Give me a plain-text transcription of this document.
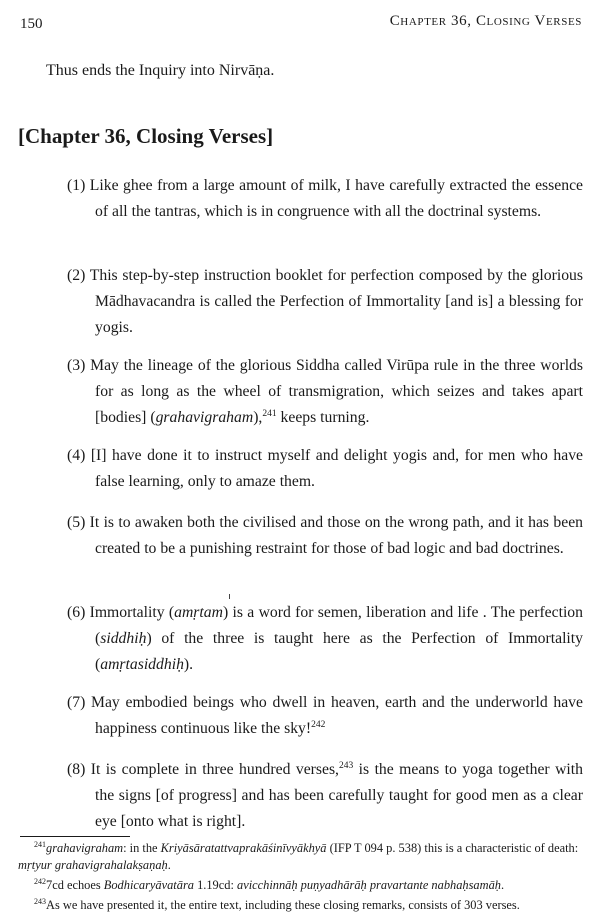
150	Chapter 36, Closing Verses
Thus ends the Inquiry into Nirvāṇa.
[Chapter 36, Closing Verses]
(1) Like ghee from a large amount of milk, I have carefully extracted the essence of all the tantras, which is in congruence with all the doctrinal systems.
(2) This step-by-step instruction booklet for perfection composed by the glorious Mādhavacandra is called the Perfection of Immortality [and is] a blessing for yogis.
(3) May the lineage of the glorious Siddha called Virūpa rule in the three worlds for as long as the wheel of transmigration, which seizes and takes apart [bodies] (grahavigraham),$^{241}$ keeps turning.
(4) [I] have done it to instruct myself and delight yogis and, for men who have false learning, only to amaze them.
(5) It is to awaken both the civilised and those on the wrong path, and it has been created to be a punishing restraint for those of bad logic and bad doctrines.
(6) Immortality (amṛtam) is a word for semen, liberation and life . The perfection (siddhiḥ) of the three is taught here as the Perfection of Immortality (amṛtasiddhiḥ).
(7) May embodied beings who dwell in heaven, earth and the underworld have happiness continuous like the sky!$^{242}$
(8) It is complete in three hundred verses,$^{243}$ is the means to yoga together with the signs [of progress] and has been carefully taught for good men as a clear eye [onto what is right].
$^{241}$grahavigraham: in the Kriyāsāratattvaprakāśinīvyākhyā (IFP T 094 p. 538) this is a characteristic of death: mṛtyur grahavigrahalakṣaṇaḥ.
$^{242}$7cd echoes Bodhicaryāvatāra 1.19cd: avicchinnāḥ puṇyadhārāḥ pravartante nabhaḥsamāḥ.
$^{243}$As we have presented it, the entire text, including these closing remarks, consists of 303 verses.
